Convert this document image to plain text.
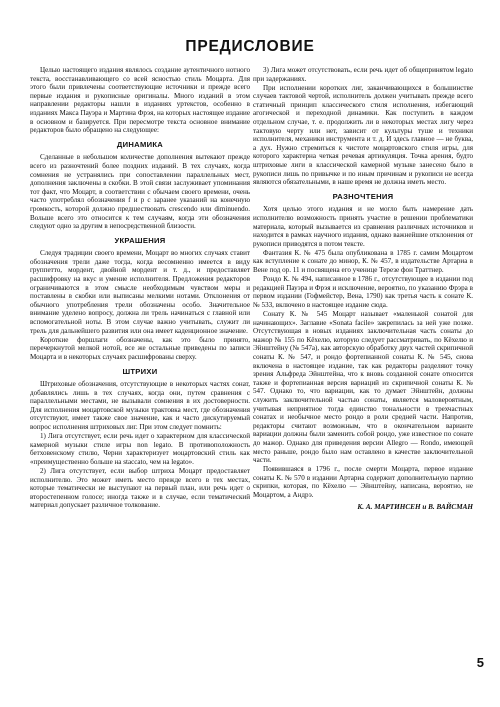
ПРЕДИСЛОВИЕ

Целью настоящего издания являлось создание аутентичного нотного текста, восстанавливающего со всей ясностью стиль Моцарта. Для этого были привлечены соответствующие источники и прежде всего первые издания и рукописные оригиналы. Много изданий в этом направлении редакторы нашли в изданиях уртекстов, особенно в изданиях Макса Пауэра и Мартина Фрэя, на которых настоящее издание в основном и базируется. При пересмотре текста основное внимание редакторов было обращено на следующее:

ДИНАМИКА

Сделанные в небольшом количестве дополнения вытекают прежде всего из разночтений более поздних изданий. В тех случаях, когда сомнения не устранялись при сопоставлении параллельных мест, дополнения заключены в скобки. В этой связи заслуживает упоминания тот факт, что Моцарт, в соответствии с обычаем своего времени, очень часто употреблял обозначения f и p с заранее указаний на конечную громкость, которой должно предшествовать crescendo или diminuendo. Вольше всего это относится к тем случаям, когда эти обозначения следуют одно за другим в непосредственной близости.

УКРАШЕНИЯ

Следуя традиции своего времени, Моцарт во многих случаях ставит обозначения трели даже тогда, когда весомненно имеется в виду группетто, мордент, двойной мордент и т. д., и предоставляет расшифровку на вкус и умение исполнителя. Предложения редакторов ограничиваются в этом смысле необходимым чувством меры и поставлены в скобки или выписаны мелкими нотами. Отклонения от обычного употребления трели обозначены особо. Значительное внимание уделено вопросу, должна ли трель начинаться с главной или вспомогательной ноты. В этом случае важно учитывать, служит ли трель для дальнейшего развития или она имеет каденционное значение.

Короткие форшлаги обозначены, как это было принято, перечеркнутой мелкой нотой, все же остальные приведены по записи Моцарта и в некоторых случаях расшифрованы сверху.

ШТРИХИ

Штриховые обозначения, отсутствующие в некоторых частях сонат, добавлялись лишь в тех случаях, когда они, путем сравнения с параллельными местами, не вызывали сомнения в их достоверности. Для исполнения моцартовской музыки трактовка мест, где обозначения отсутствуют, имеет также свое значение, как и часто дискутируемый вопрос исполнения штриховых лиг. При этом следует помнить:

1) Лига отсутствует, если речь идет о характерном для классической камерной музыки стиле игры non legato. В противоположность бетховенскому стилю, Черни характеризует моцартовский стиль как «преимущественно больше на staccato, чем на legato».

2) Лига отсутствует, если выбор штриха Моцарт предоставляет исполнителю. Это может иметь место прежде всего в тех местах, которые тематически не выступают на первый план, или речь идет о второстепенном голосе; иногда также и в случае, если тематический материал допускает различное толкование.

3) Лига может отсутствовать, если речь идет об общепринятом legato при задержаниях.

При исполнении коротких лиг, заканчивающихся в большинстве случаев тактовой чертой, исполнитель должен учитывать прежде всего статичный принцип классического стиля исполнения, избегающий агогической и переходной динамики. Как поступить в каждом отдельном случае, т. е. продолжить ли в некоторых местах лигу через тактовую черту или нет, зависит от культуры туше и техники исполнителя, механики инструмента и т. д. И здесь главное — не буква, а дух. Нужно стремиться к чистоте моцартовского стиля игры, для которого характерна четкая речевая артикуляция. Точка арения, будто штриховые лиги в классической камерной музыке занесено было в рукописи лишь по привычке и по иным причинам и рукописи не всегда являются обязательными, в наше время не должна иметь место.

РАЗНОЧТЕНИЯ

Хотя целью этого издания и не могло быть намерение дать исполнителю возможность принять участие в решении проблематики материала, который вызывается из сравнения различных источников и находится в рамках научного издания, однако важнейшие отклонения от рукописи приводятся в потом тексте.

Фантазия К. № 475 была опубликована в 1785 г. самим Моцартом как вступление к сонате до минор, К. № 457, в издательстве Артариа в Вене под ор. 11 и посвящена его ученице Терезе фон Траттнер.

Рондо К. № 494, написанное в 1786 г., отсутствующее в издании под редакцией Пауэра и Фрэя и исключение, вероятно, по указанию Фрэра в первом издании (Гофмейстер, Вена, 1790) как третья часть к сонате К. № 533, включено в настоящее издание сюда.

Сонату К. № 545 Моцарт называет «маленькой сонатой для начинающих». Заглавие «Sonata facile» закрепилась за ней уже позже. Отсутствующая в новых изданиях заключительная часть сонаты до мажор № 155 по Кёхелю, которую следует рассматривать, по Кёхелю и Эйнштейну (№ 547а), как авторскую обработку двух частей скрипичной сонаты К. № 547, и рондо фортепианной сонаты К. № 545, снова включена в настоящее издание, так как редакторы разделяют точку зрения Альфреда Эйнштейна, что к вновь созданной сонате относится также и фортепианная версия вариаций из скрипичной сонаты К. № 547. Однако то, что вариации, как то думает Эйнштейн, должны служить заключительной частью сонаты, является маловероятным, учитывая неприятное тогда единство тональности в трехчастных сонатах и необычное место рондо в роли средней части. Напротив, редакторы считают возможным, что в окончательном варианте вариации должны были заменить собой рондо, уже известное по сонате до мажор. Однако для приведения версии Allegro — Rondo, имеющей место раньше, рондо было нам оставлено в качестве заключительной части.

Появившаяся в 1796 г., после смерти Моцарта, первое издание сонаты К. № 570 в издании Артариа содержит дополнительную партию скрипки, которая, по Кёхелю — Эйнштейну, написана, вероятно, не Моцартом, а Андрэ.

К. А. МАРТИНСЕН и В. ВАЙСМАН
5
